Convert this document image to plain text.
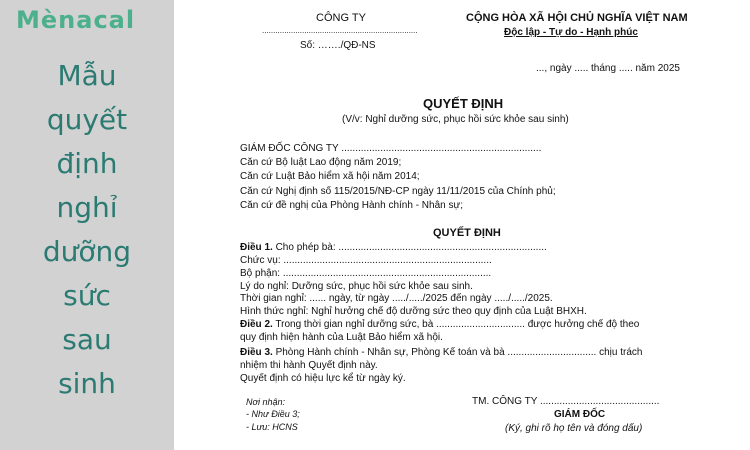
Mènacal
Mẫu
quyết
định
nghỉ
dưỡng
sức
sau
sinh
CÔNG TY
......................................................................
Số: ……./QĐ-NS
CỘNG HÒA XÃ HỘI CHỦ NGHĨA VIỆT NAM
Độc lập - Tự do - Hạnh phúc
..., ngày ..... tháng ..... năm 2025
QUYẾT ĐỊNH
(V/v: Nghỉ dưỡng sức, phục hồi sức khỏe sau sinh)
GIÁM ĐỐC CÔNG TY ........................................................................
Căn cứ Bộ luật Lao động năm 2019;
Căn cứ Luật Bảo hiểm xã hội năm 2014;
Căn cứ Nghị định số 115/2015/NĐ-CP ngày 11/11/2015 của Chính phủ;
Căn cứ đề nghị của Phòng Hành chính - Nhân sự;
QUYẾT ĐỊNH
Điều 1. Cho phép bà: ...........................................................................
Chức vụ: ...........................................................................
Bộ phận: ...........................................................................
Lý do nghỉ: Dưỡng sức, phục hồi sức khỏe sau sinh.
Thời gian nghỉ: ...... ngày, từ ngày ...../...../2025 đến ngày ...../...../2025.
Hình thức nghỉ: Nghỉ hưởng chế độ dưỡng sức theo quy định của Luật BHXH.
Điều 2. Trong thời gian nghỉ dưỡng sức, bà ................................ được hưởng chế độ theo
quy định hiện hành của Luật Bảo hiểm xã hội.
Điều 3. Phòng Hành chính - Nhân sự, Phòng Kế toán và bà ................................ chịu trách
nhiệm thi hành Quyết định này.
Quyết định có hiệu lực kể từ ngày ký.
Nơi nhận:
- Như Điều 3;
- Lưu: HCNS
TM. CÔNG TY ...........................................
GIÁM ĐỐC
(Ký, ghi rõ họ tên và đóng dấu)
